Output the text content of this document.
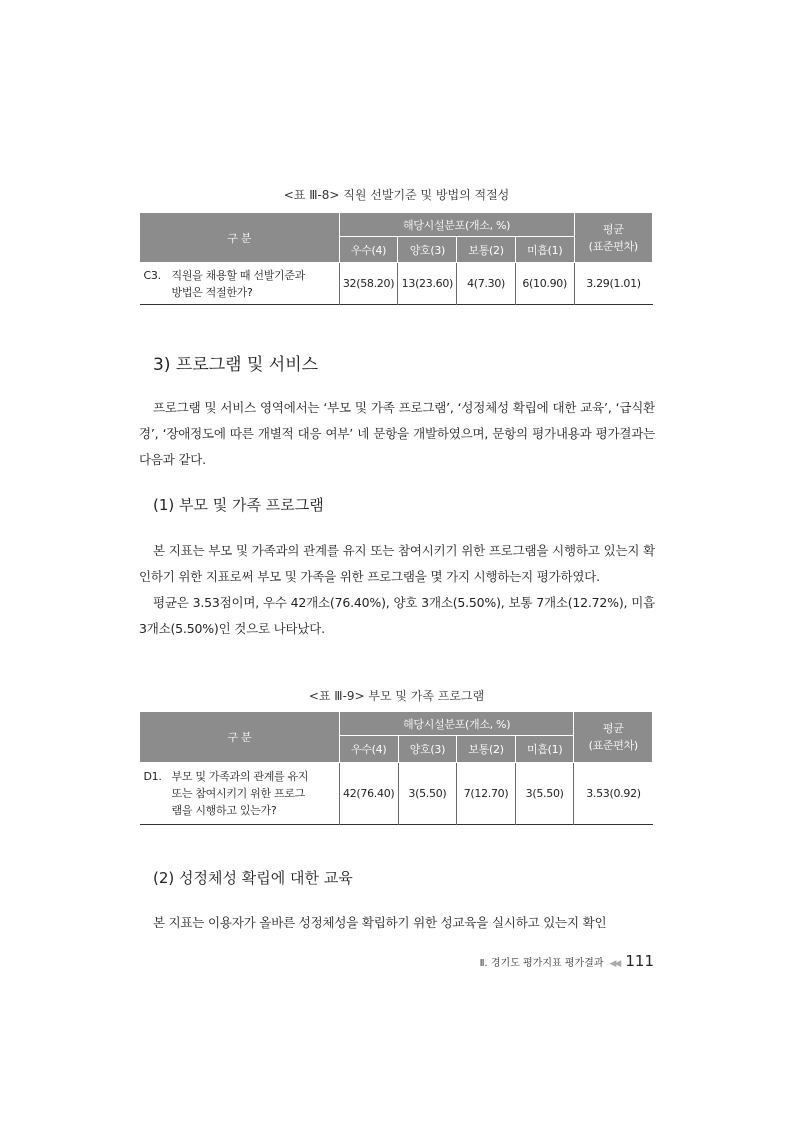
<표 Ⅲ-8> 직원 선발기준 및 방법의 적절성
구 분	해당시설분포(개소, %)				평균
(표준편차)
	우수(4)	양호(3)	보통(2)	미흡(1)	
C3. 직원을 채용할 때 선발기준과
방법은 적절한가?	32(58.20)	13(23.60)	4(7.30)	6(10.90)	3.29(1.01)
3) 프로그램 및 서비스

프로그램 및 서비스 영역에서는 ‘부모 및 가족 프로그램’, ‘성정체성 확립에 대한 교육’, ‘급식환경’, ‘장애정도에 따른 개별적 대응 여부’ 네 문항을 개발하였으며, 문항의 평가내용과 평가결과는 다음과 같다.

(1) 부모 및 가족 프로그램

본 지표는 부모 및 가족과의 관계를 유지 또는 참여시키기 위한 프로그램을 시행하고 있는지 확인하기 위한 지표로써 부모 및 가족을 위한 프로그램을 몇 가지 시행하는지 평가하였다.

평균은 3.53점이며, 우수 42개소(76.40%), 양호 3개소(5.50%), 보통 7개소(12.72%), 미흡 3개소(5.50%)인 것으로 나타났다.

<표 Ⅲ-9> 부모 및 가족 프로그램
구 분	해당시설분포(개소, %)				평균
(표준편차)
	우수(4)	양호(3)	보통(2)	미흡(1)	
D1. 부모 및 가족과의 관계를 유지
또는 참여시키기 위한 프로그
램을 시행하고 있는가?	42(76.40)	3(5.50)	7(12.70)	3(5.50)	3.53(0.92)
(2) 성정체성 확립에 대한 교육

본 지표는 이용자가 올바른 성정체성을 확립하기 위한 성교육을 실시하고 있는지 확인

Ⅱ. 경기도 평가지표 평가결과 ◀◀ 111
